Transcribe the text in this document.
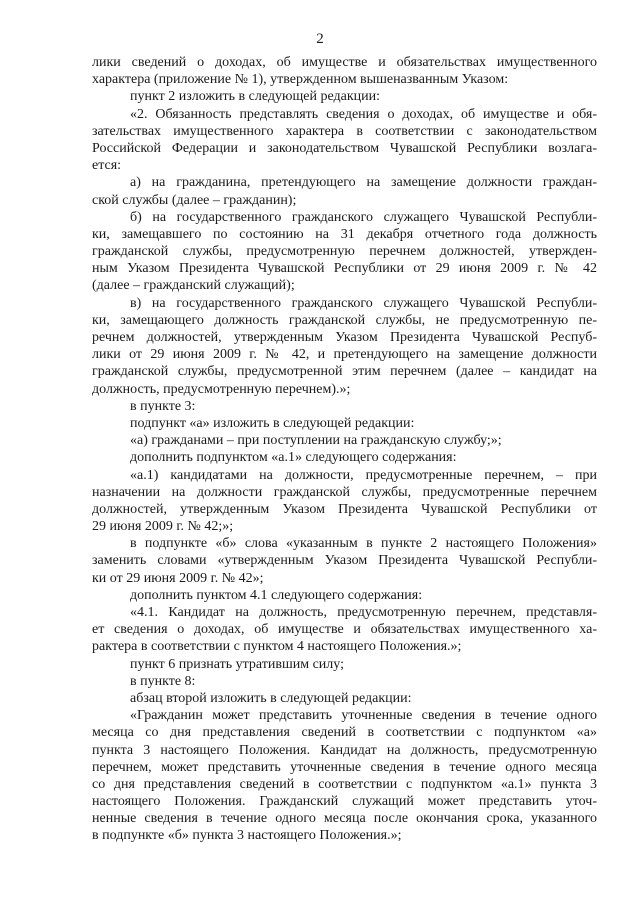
2
лики сведений о доходах, об имуществе и обязательствах имущественного
характера (приложение № 1), утвержденном вышеназванным Указом:
пункт 2 изложить в следующей редакции:
«2. Обязанность представлять сведения о доходах, об имуществе и обя-
зательствах имущественного характера в соответствии с законодательством
Российской Федерации и законодательством Чувашской Республики возлага-
ется:
а) на гражданина, претендующего на замещение должности граждан-
ской службы (далее – гражданин);
б) на государственного гражданского служащего Чувашской Республи-
ки, замещавшего по состоянию на 31 декабря отчетного года должность
гражданской службы, предусмотренную перечнем должностей, утвержден-
ным Указом Президента Чувашской Республики от 29 июня 2009 г. № 42
(далее – гражданский служащий);
в) на государственного гражданского служащего Чувашской Республи-
ки, замещающего должность гражданской службы, не предусмотренную пе-
речнем должностей, утвержденным Указом Президента Чувашской Респуб-
лики от 29 июня 2009 г. № 42, и претендующего на замещение должности
гражданской службы, предусмотренной этим перечнем (далее – кандидат на
должность, предусмотренную перечнем).»;
в пункте 3:
подпункт «а» изложить в следующей редакции:
«а) гражданами – при поступлении на гражданскую службу;»;
дополнить подпунктом «а.1» следующего содержания:
«а.1) кандидатами на должности, предусмотренные перечнем, – при
назначении на должности гражданской службы, предусмотренные перечнем
должностей, утвержденным Указом Президента Чувашской Республики от
29 июня 2009 г. № 42;»;
в подпункте «б» слова «указанным в пункте 2 настоящего Положения»
заменить словами «утвержденным Указом Президента Чувашской Республи-
ки от 29 июня 2009 г. № 42»;
дополнить пунктом 4.1 следующего содержания:
«4.1. Кандидат на должность, предусмотренную перечнем, представля-
ет сведения о доходах, об имуществе и обязательствах имущественного ха-
рактера в соответствии с пунктом 4 настоящего Положения.»;
пункт 6 признать утратившим силу;
в пункте 8:
абзац второй изложить в следующей редакции:
«Гражданин может представить уточненные сведения в течение одного
месяца со дня представления сведений в соответствии с подпунктом «а»
пункта 3 настоящего Положения. Кандидат на должность, предусмотренную
перечнем, может представить уточненные сведения в течение одного месяца
со дня представления сведений в соответствии с подпунктом «а.1» пункта 3
настоящего Положения. Гражданский служащий может представить уточ-
ненные сведения в течение одного месяца после окончания срока, указанного
в подпункте «б» пункта 3 настоящего Положения.»;
